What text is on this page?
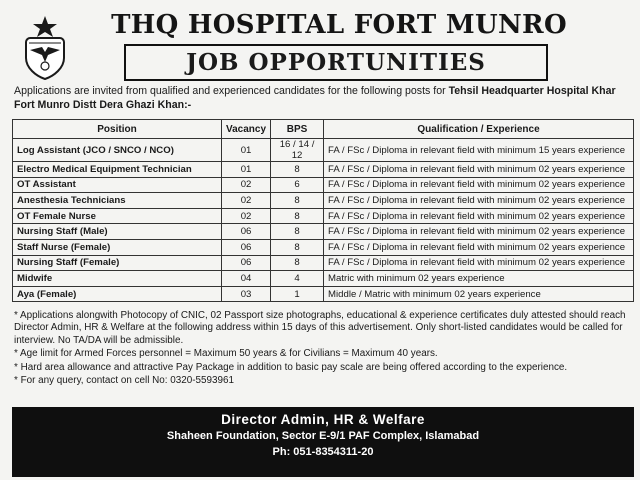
THQ HOSPITAL FORT MUNRO
JOB OPPORTUNITIES
Applications are invited from qualified and experienced candidates for the following posts for Tehsil Headquarter Hospital Khar Fort Munro Distt Dera Ghazi Khan:-
Position	Vacancy	BPS	Qualification / Experience
Log Assistant (JCO / SNCO / NCO)	01	16 / 14 / 12	FA / FSc / Diploma in relevant field with minimum 15 years experience
Electro Medical Equipment Technician	01	8	FA / FSc / Diploma in relevant field with minimum 02 years experience
OT Assistant	02	6	FA / FSc / Diploma in relevant field with minimum 02 years experience
Anesthesia Technicians	02	8	FA / FSc / Diploma in relevant field with minimum 02 years experience
OT Female Nurse	02	8	FA / FSc / Diploma in relevant field with minimum 02 years experience
Nursing Staff (Male)	06	8	FA / FSc / Diploma in relevant field with minimum 02 years experience
Staff Nurse (Female)	06	8	FA / FSc / Diploma in relevant field with minimum 02 years experience
Nursing Staff (Female)	06	8	FA / FSc / Diploma in relevant field with minimum 02 years experience
Midwife	04	4	Matric with minimum 02 years experience
Aya (Female)	03	1	Middle / Matric with minimum 02 years experience

* Applications alongwith Photocopy of CNIC, 02 Passport size photographs, educational & experience certificates duly attested should reach Director Admin, HR & Welfare at the following address within 15 days of this advertisement. Only short-listed candidates would be called for interview. No TA/DA will be admissible.

* Age limit for Armed Forces personnel = Maximum 50 years & for Civilians = Maximum 40 years.

* Hard area allowance and attractive Pay Package in addition to basic pay scale are being offered according to the experience.

* For any query, contact on cell No: 0320-5593961

Director Admin, HR & Welfare
Shaheen Foundation, Sector E-9/1 PAF Complex, Islamabad
Ph: 051-8354311-20
